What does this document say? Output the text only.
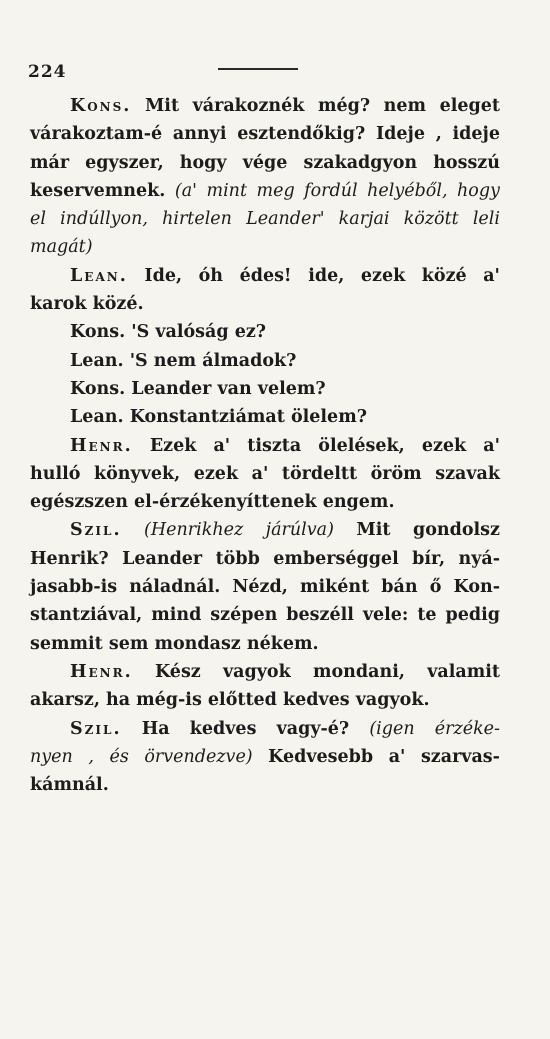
224
Kons. Mit várakoznék még? nem eleget
várakoztam-é annyi esztendőkig? Ideje , ideje
már egyszer, hogy vége szakadgyon hosszú
keservemnek. (a' mint meg fordúl helyéből, hogy
el indúllyon, hirtelen Leander' karjai között leli
magát)
Lean. Ide, óh édes! ide, ezek közé a'
karok közé.
Kons. 'S valóság ez?
Lean. 'S nem álmadok?
Kons. Leander van velem?
Lean. Konstantziámat ölelem?
Henr. Ezek a' tiszta ölelések, ezek a'
hulló könyvek, ezek a' tördeltt öröm szavak
egészszen el-érzékenyíttenek engem.
Szil. (Henrikhez járúlva) Mit gondolsz
Henrik? Leander több emberséggel bír, nyá-
jasabb-is náladnál. Nézd, miként bán ő Kon-
stantziával, mind szépen beszéll vele: te pedig
semmit sem mondasz nékem.
Henr. Kész vagyok mondani, valamit
akarsz, ha még-is előtted kedves vagyok.
Szil. Ha kedves vagy-é? (igen érzéke-
nyen , és örvendezve) Kedvesebb a' szarvas-
kámnál.
